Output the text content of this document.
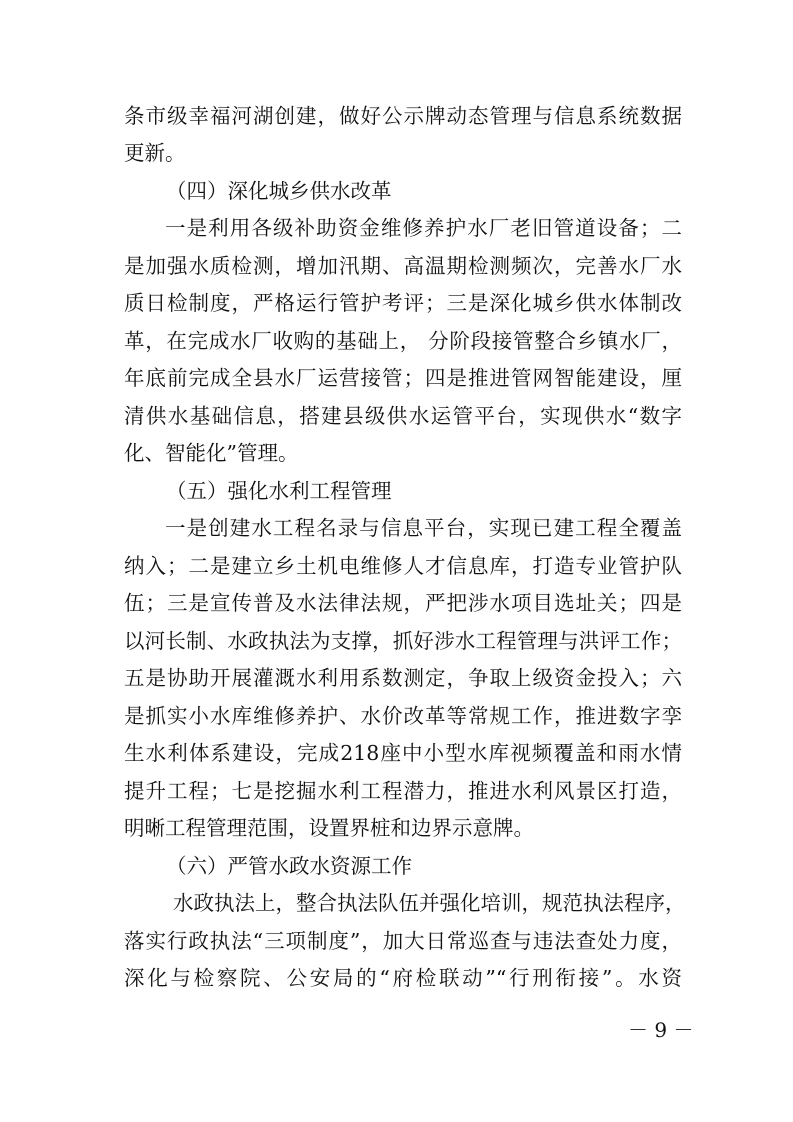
条市级幸福河湖创建，做好公示牌动态管理与信息系统数据
更新。
（四）深化城乡供水改革
一是利用各级补助资金维修养护水厂老旧管道设备；二
是加强水质检测，增加汛期、高温期检测频次，完善水厂水
质日检制度，严格运行管护考评；三是深化城乡供水体制改
革，在完成水厂收购的基础上， 分阶段接管整合乡镇水厂，
年底前完成全县水厂运营接管；四是推进管网智能建设，厘
清供水基础信息，搭建县级供水运管平台，实现供水“数字
化、智能化”管理。
（五）强化水利工程管理
一是创建水工程名录与信息平台，实现已建工程全覆盖
纳入；二是建立乡土机电维修人才信息库，打造专业管护队
伍；三是宣传普及水法律法规，严把涉水项目选址关；四是
以河长制、水政执法为支撑，抓好涉水工程管理与洪评工作；
五是协助开展灌溉水利用系数测定，争取上级资金投入；六
是抓实小水库维修养护、水价改革等常规工作，推进数字孪
生水利体系建设，完成218座中小型水库视频覆盖和雨水情
提升工程；七是挖掘水利工程潜力，推进水利风景区打造，
明晰工程管理范围，设置界桩和边界示意牌。
（六）严管水政水资源工作
水政执法上，整合执法队伍并强化培训，规范执法程序，
落实行政执法“三项制度”，加大日常巡查与违法查处力度，
深化与检察院、公安局的“府检联动”“行刑衔接”。水资
－ 9 －
